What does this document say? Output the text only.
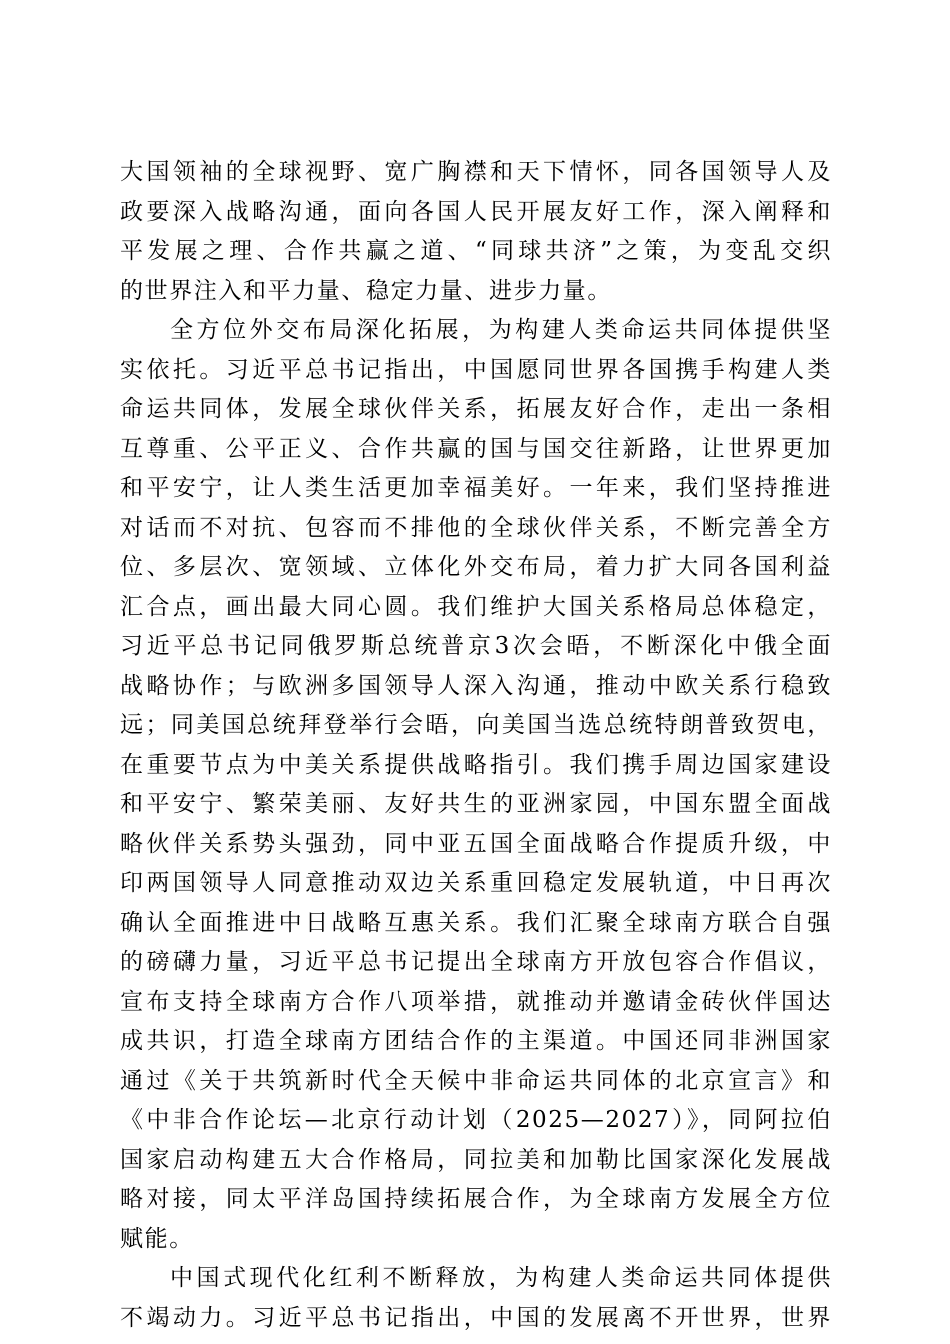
大国领袖的全球视野、宽广胸襟和天下情怀，同各国领导人及
政要深入战略沟通，面向各国人民开展友好工作，深入阐释和
平发展之理、合作共赢之道、“同球共济”之策，为变乱交织
的世界注入和平力量、稳定力量、进步力量。
全方位外交布局深化拓展，为构建人类命运共同体提供坚
实依托。习近平总书记指出，中国愿同世界各国携手构建人类
命运共同体，发展全球伙伴关系，拓展友好合作，走出一条相
互尊重、公平正义、合作共赢的国与国交往新路，让世界更加
和平安宁，让人类生活更加幸福美好。一年来，我们坚持推进
对话而不对抗、包容而不排他的全球伙伴关系，不断完善全方
位、多层次、宽领域、立体化外交布局，着力扩大同各国利益
汇合点，画出最大同心圆。我们维护大国关系格局总体稳定，
习近平总书记同俄罗斯总统普京3次会晤，不断深化中俄全面
战略协作；与欧洲多国领导人深入沟通，推动中欧关系行稳致
远；同美国总统拜登举行会晤，向美国当选总统特朗普致贺电，
在重要节点为中美关系提供战略指引。我们携手周边国家建设
和平安宁、繁荣美丽、友好共生的亚洲家园，中国东盟全面战
略伙伴关系势头强劲，同中亚五国全面战略合作提质升级，中
印两国领导人同意推动双边关系重回稳定发展轨道，中日再次
确认全面推进中日战略互惠关系。我们汇聚全球南方联合自强
的磅礴力量，习近平总书记提出全球南方开放包容合作倡议，
宣布支持全球南方合作八项举措，就推动并邀请金砖伙伴国达
成共识，打造全球南方团结合作的主渠道。中国还同非洲国家
通过《关于共筑新时代全天候中非命运共同体的北京宣言》和
《中非合作论坛—北京行动计划（2025—2027）》，同阿拉伯
国家启动构建五大合作格局，同拉美和加勒比国家深化发展战
略对接，同太平洋岛国持续拓展合作，为全球南方发展全方位
赋能。
中国式现代化红利不断释放，为构建人类命运共同体提供
不竭动力。习近平总书记指出，中国的发展离不开世界，世界
